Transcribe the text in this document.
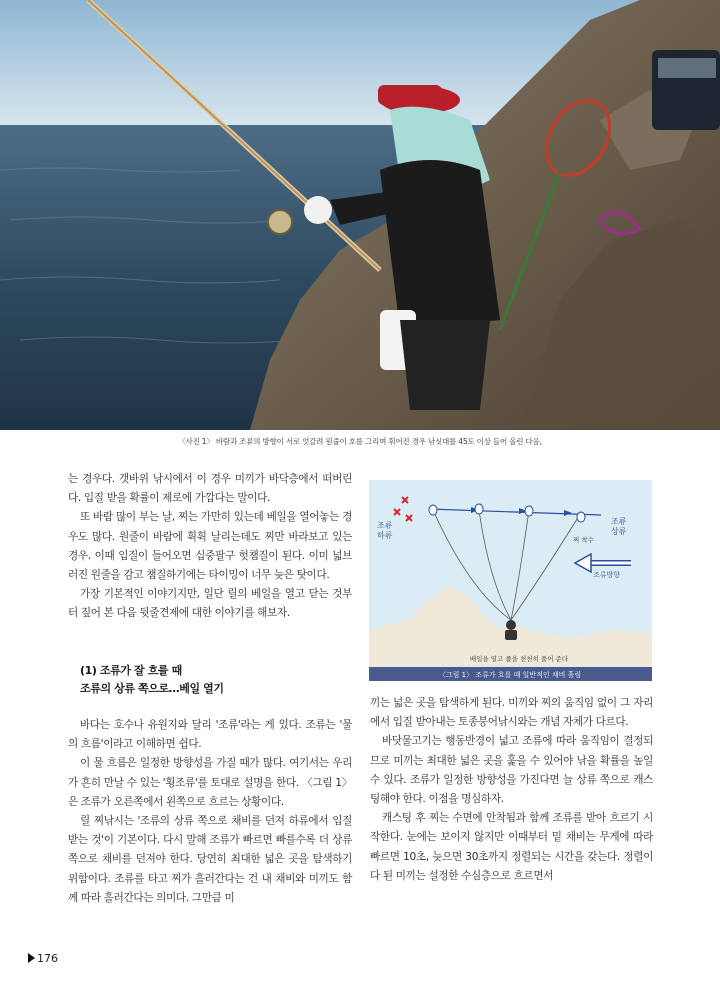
〈사진 1〉 바람과 조류의 방향이 서로 엇갈려 원줄이 호를 그리며 휘어진 경우 낚싯대를 45도 이상 들어 올린 다음,

는 경우다. 갯바위 낚시에서 이 경우 미끼가 바닥층에서 떠버린다. 입질 받을 확률이 제로에 가깝다는 말이다.

또 바람 많이 부는 날, 찌는 가만히 있는데 베일을 열어놓는 경우도 많다. 원줄이 바람에 휙휙 날리는데도 찌만 바라보고 있는 경우. 이때 입질이 들어오면 십중팔구 헛챔질이 된다. 이미 넓브러진 원줄을 감고 챔질하기에는 타이밍이 너무 늦은 탓이다.

가장 기본적인 이야기지만, 일단 릴의 베일을 열고 닫는 것부터 짚어 본 다음 뒷줄견제에 대한 이야기를 해보자.

(1) 조류가 잘 흐를 때
조류의 상류 쪽으로…베일 열기

바다는 호수나 유원지와 달리 '조류'라는 게 있다. 조류는 '물의 흐름'이라고 이해하면 쉽다.

이 물 흐름은 일정한 방향성을 가질 때가 많다. 여기서는 우리가 흔히 만날 수 있는 '횡조류'를 토대로 설명을 한다. 〈그림 1〉은 조류가 오른쪽에서 왼쪽으로 흐르는 상황이다.

릴 찌낚시는 '조류의 상류 쪽으로 채비를 던져 하류에서 입질 받는 것'이 기본이다. 다시 말해 조류가 빠르면 빠를수록 더 상류 쪽으로 채비를 던져야 한다. 당연히 최대한 넓은 곳을 탐색하기 위함이다. 조류를 타고 찌가 흘러간다는 건 내 채비와 미끼도 함께 따라 흘러간다는 의미다. 그만큼 미

조류
하류
조류
상류
찌 착수
조류방향
베일을 열고 줄을 천천히 풀어 준다
〈그림 1〉 조류가 흐를 때 일반적인 채비 흘림

끼는 넓은 곳을 탐색하게 된다. 미끼와 찌의 움직임 없이 그 자리에서 입질 받아내는 토종붕어낚시와는 개념 자체가 다르다.

바닷물고기는 행동반경이 넓고 조류에 따라 움직임이 결정되므로 미끼는 최대한 넓은 곳을 훑을 수 있어야 낚을 확률을 높일 수 있다. 조류가 일정한 방향성을 가진다면 늘 상류 쪽으로 캐스팅해야 한다. 이점을 명심하자.

캐스팅 후 찌는 수면에 안착됨과 함께 조류를 받아 흐르기 시작한다. 눈에는 보이지 않지만 이때부터 밑 채비는 무게에 따라 빠르면 10초, 늦으면 30초까지 정렬되는 시간을 갖는다. 정렬이 다 된 미끼는 설정한 수심층으로 흐르면서

176
